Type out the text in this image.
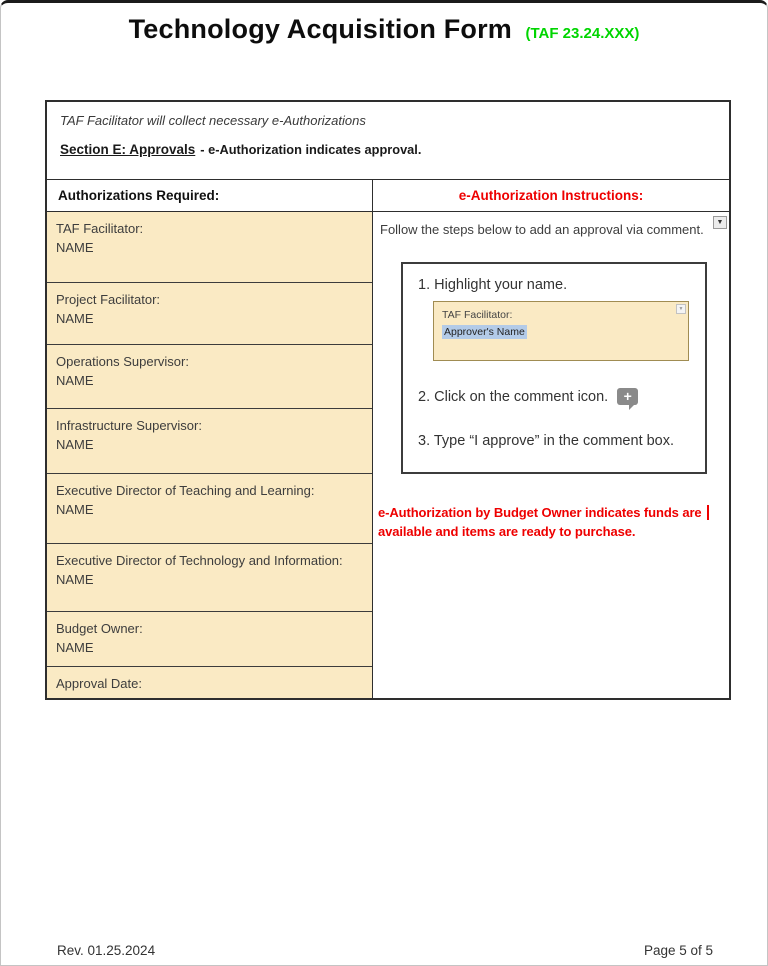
Technology Acquisition Form (TAF 23.24.XXX)
TAF Facilitator will collect necessary e-Authorizations
Section E: Approvals - e-Authorization indicates approval.
Authorizations Required:	e-Authorization Instructions:
TAF Facilitator:
NAME
Project Facilitator:
NAME
Operations Supervisor:
NAME
Infrastructure Supervisor:
NAME
Executive Director of Teaching and Learning:
NAME
Executive Director of Technology and Information:
NAME
Budget Owner:
NAME
Approval Date:
Follow the steps below to add an approval via comment.	▼
1. Highlight your name.
TAF Facilitator:
Approver's Name
▼
2. Click on the comment icon.	+
3. Type “I approve” in the comment box.
e-Authorization by Budget Owner indicates funds are
available and items are ready to purchase.
Rev. 01.25.2024	Page 5 of 5
